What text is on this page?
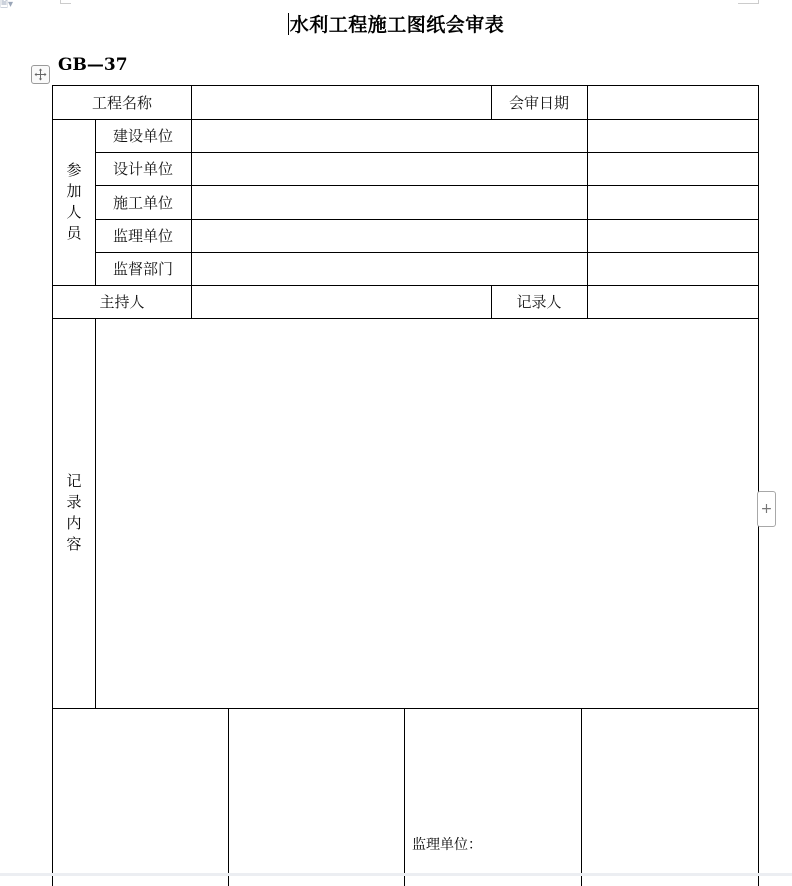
🗎▾
水利工程施工图纸会审表
GB—37
工程名称	会审日期
参加人员
建设单位
设计单位
施工单位
监理单位
监督部门
主持人	记录人
记录内容
监理单位：
+
